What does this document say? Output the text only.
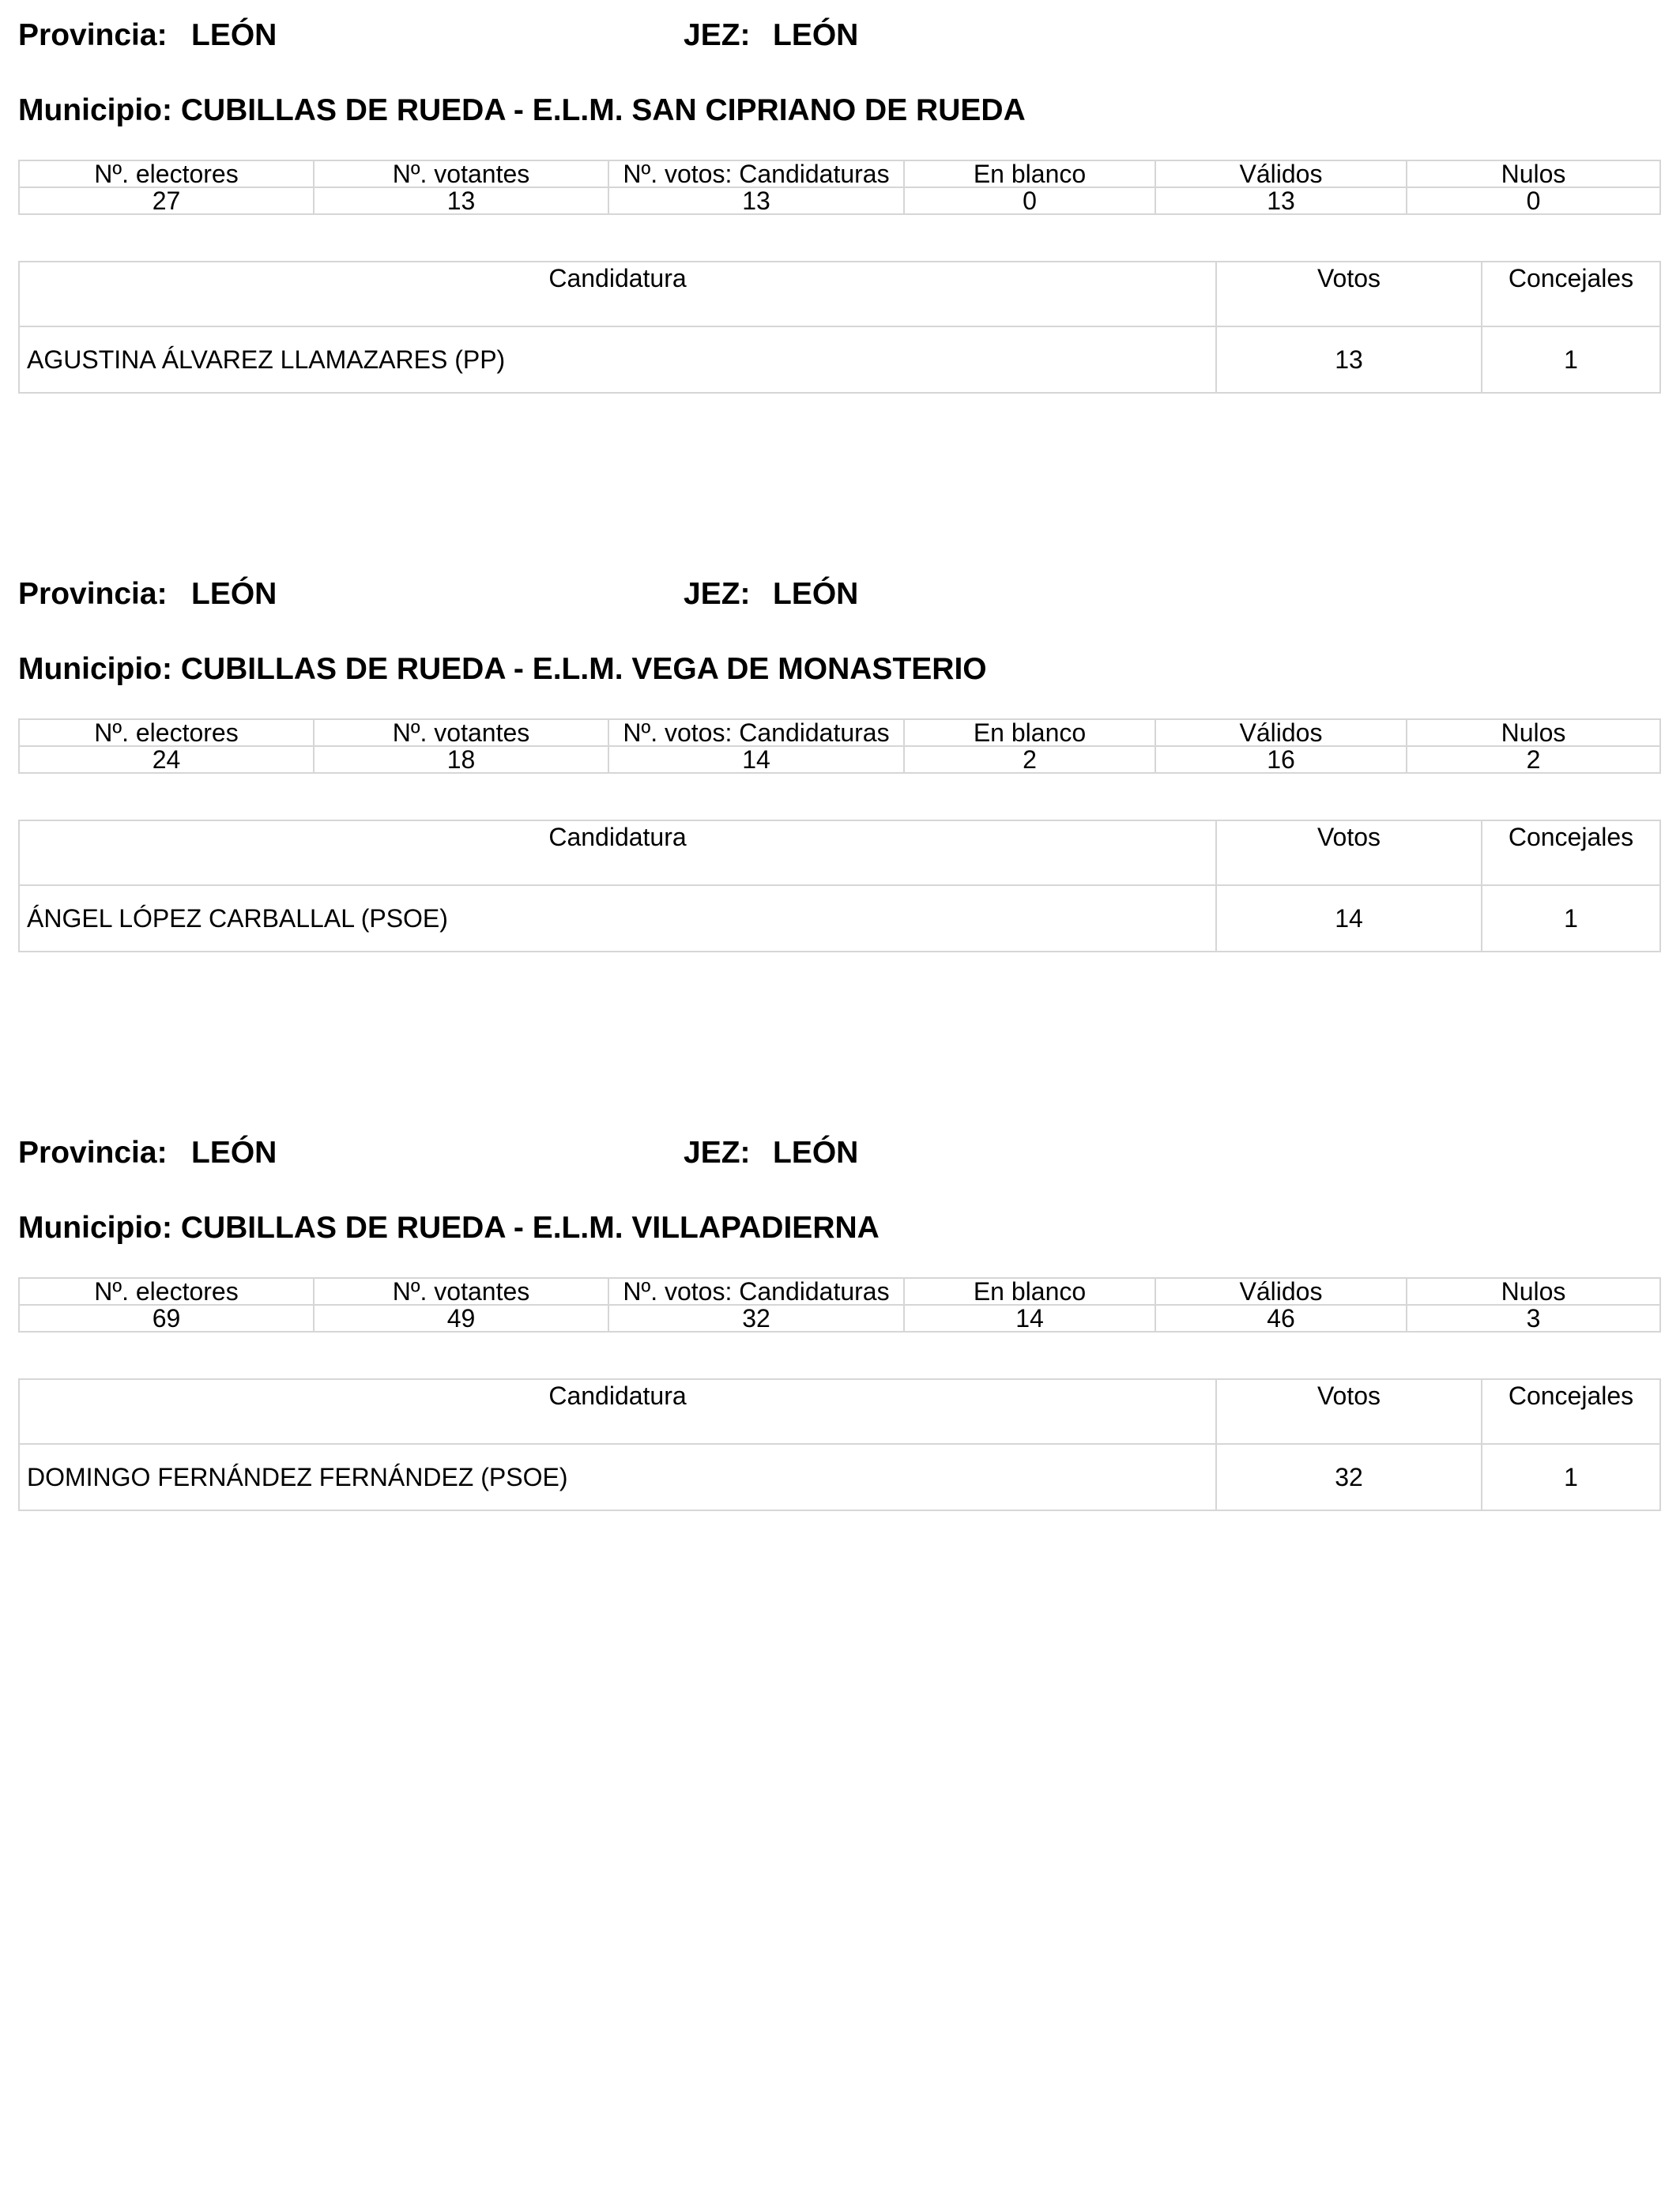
Provincia: LEÓN	JEZ: LEÓN
Municipio: CUBILLAS DE RUEDA - E.L.M. SAN CIPRIANO DE RUEDA
Nº. electores	Nº. votantes	Nº. votos: Candidaturas	En blanco	Válidos	Nulos
27	13	13	0	13	0
Candidatura	Votos	Concejales
AGUSTINA ÁLVAREZ LLAMAZARES (PP)	13	1
Provincia: LEÓN	JEZ: LEÓN
Municipio: CUBILLAS DE RUEDA - E.L.M. VEGA DE MONASTERIO
Nº. electores	Nº. votantes	Nº. votos: Candidaturas	En blanco	Válidos	Nulos
24	18	14	2	16	2
Candidatura	Votos	Concejales
ÁNGEL LÓPEZ CARBALLAL (PSOE)	14	1
Provincia: LEÓN	JEZ: LEÓN
Municipio: CUBILLAS DE RUEDA - E.L.M. VILLAPADIERNA
Nº. electores	Nº. votantes	Nº. votos: Candidaturas	En blanco	Válidos	Nulos
69	49	32	14	46	3
Candidatura	Votos	Concejales
DOMINGO FERNÁNDEZ FERNÁNDEZ (PSOE)	32	1
